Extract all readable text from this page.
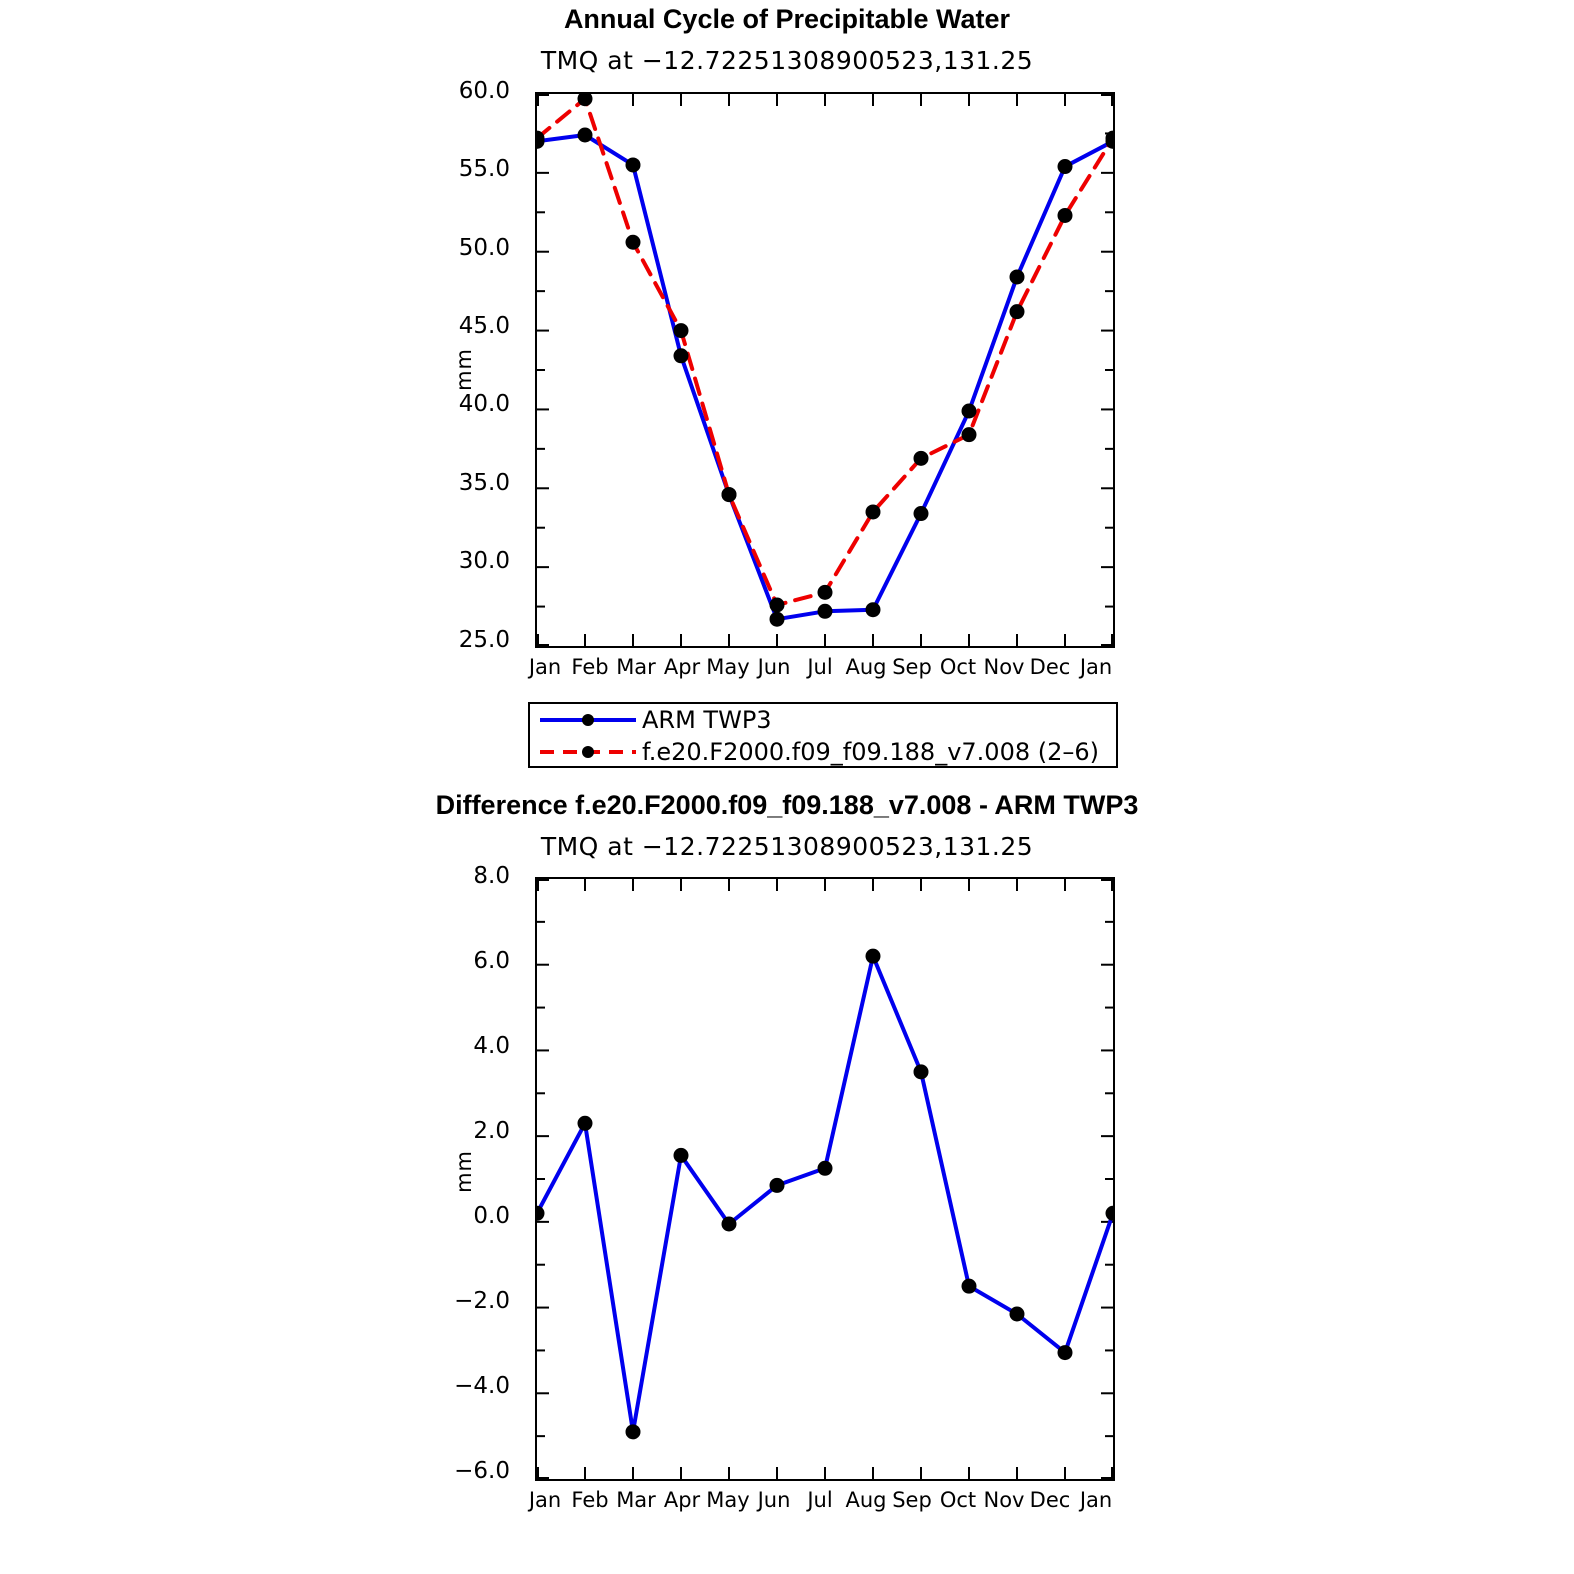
Annual Cycle of Precipitable Water
TMQ at −12.72251308900523,131.25
mm
60.0
55.0
50.0
45.0
40.0
35.0
30.0
25.0
Jan Feb Mar Apr May Jun Jul Aug Sep Oct Nov Dec Jan
ARM TWP3
f.e20.F2000.f09_f09.188_v7.008 (2–6)
Difference f.e20.F2000.f09_f09.188_v7.008 - ARM TWP3
TMQ at −12.72251308900523,131.25
mm
8.0
6.0
4.0
2.0
0.0
−2.0
−4.0
−6.0
Jan Feb Mar Apr May Jun Jul Aug Sep Oct Nov Dec Jan
